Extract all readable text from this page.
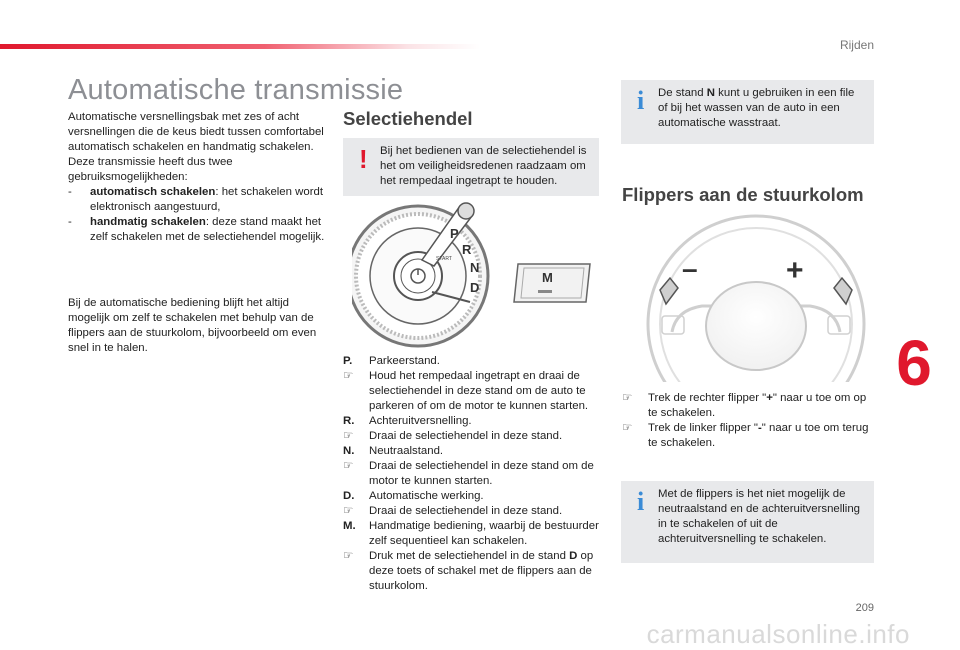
Rijden
Automatische transmissie

Automatische versnellingsbak met zes of acht versnellingen die de keus biedt tussen comfortabel automatisch schakelen en handmatig schakelen.

Deze transmissie heeft dus twee gebruiksmogelijkheden:

-	automatisch schakelen: het schakelen wordt elektronisch aangestuurd,
-	handmatig schakelen: deze stand maakt het zelf schakelen met de selectiehendel mogelijk.

Bij de automatische bediening blijft het altijd mogelijk om zelf te schakelen met behulp van de flippers aan de stuurkolom, bijvoorbeeld om even snel in te halen.

Selectiehendel
! Bij het bedienen van de selectiehendel is het om veiligheidsredenen raadzaam om het rempedaal ingetrapt te houden.
P
R
N
D
START
M
P.	Parkeerstand.
☞	Houd het rempedaal ingetrapt en draai de selectiehendel in deze stand om de auto te parkeren of om de motor te kunnen starten.
R.	Achteruitversnelling.
☞	Draai de selectiehendel in deze stand.
N.	Neutraalstand.
☞	Draai de selectiehendel in deze stand om de motor te kunnen starten.
D.	Automatische werking.
☞	Draai de selectiehendel in deze stand.
M.	Handmatige bediening, waarbij de bestuurder zelf sequentieel kan schakelen.
☞	Druk met de selectiehendel in de stand D op deze toets of schakel met de flippers aan de stuurkolom.
i De stand N kunt u gebruiken in een file of bij het wassen van de auto in een automatische wasstraat.
Flippers aan de stuurkolom
–	+
☞	Trek de rechter flipper "+" naar u toe om op te schakelen.
☞	Trek de linker flipper "-" naar u toe om terug te schakelen.
i Met de flippers is het niet mogelijk de neutraalstand en de achteruitversnelling in te schakelen of uit de achteruitversnelling te schakelen.
6
209
carmanualsonline.info
